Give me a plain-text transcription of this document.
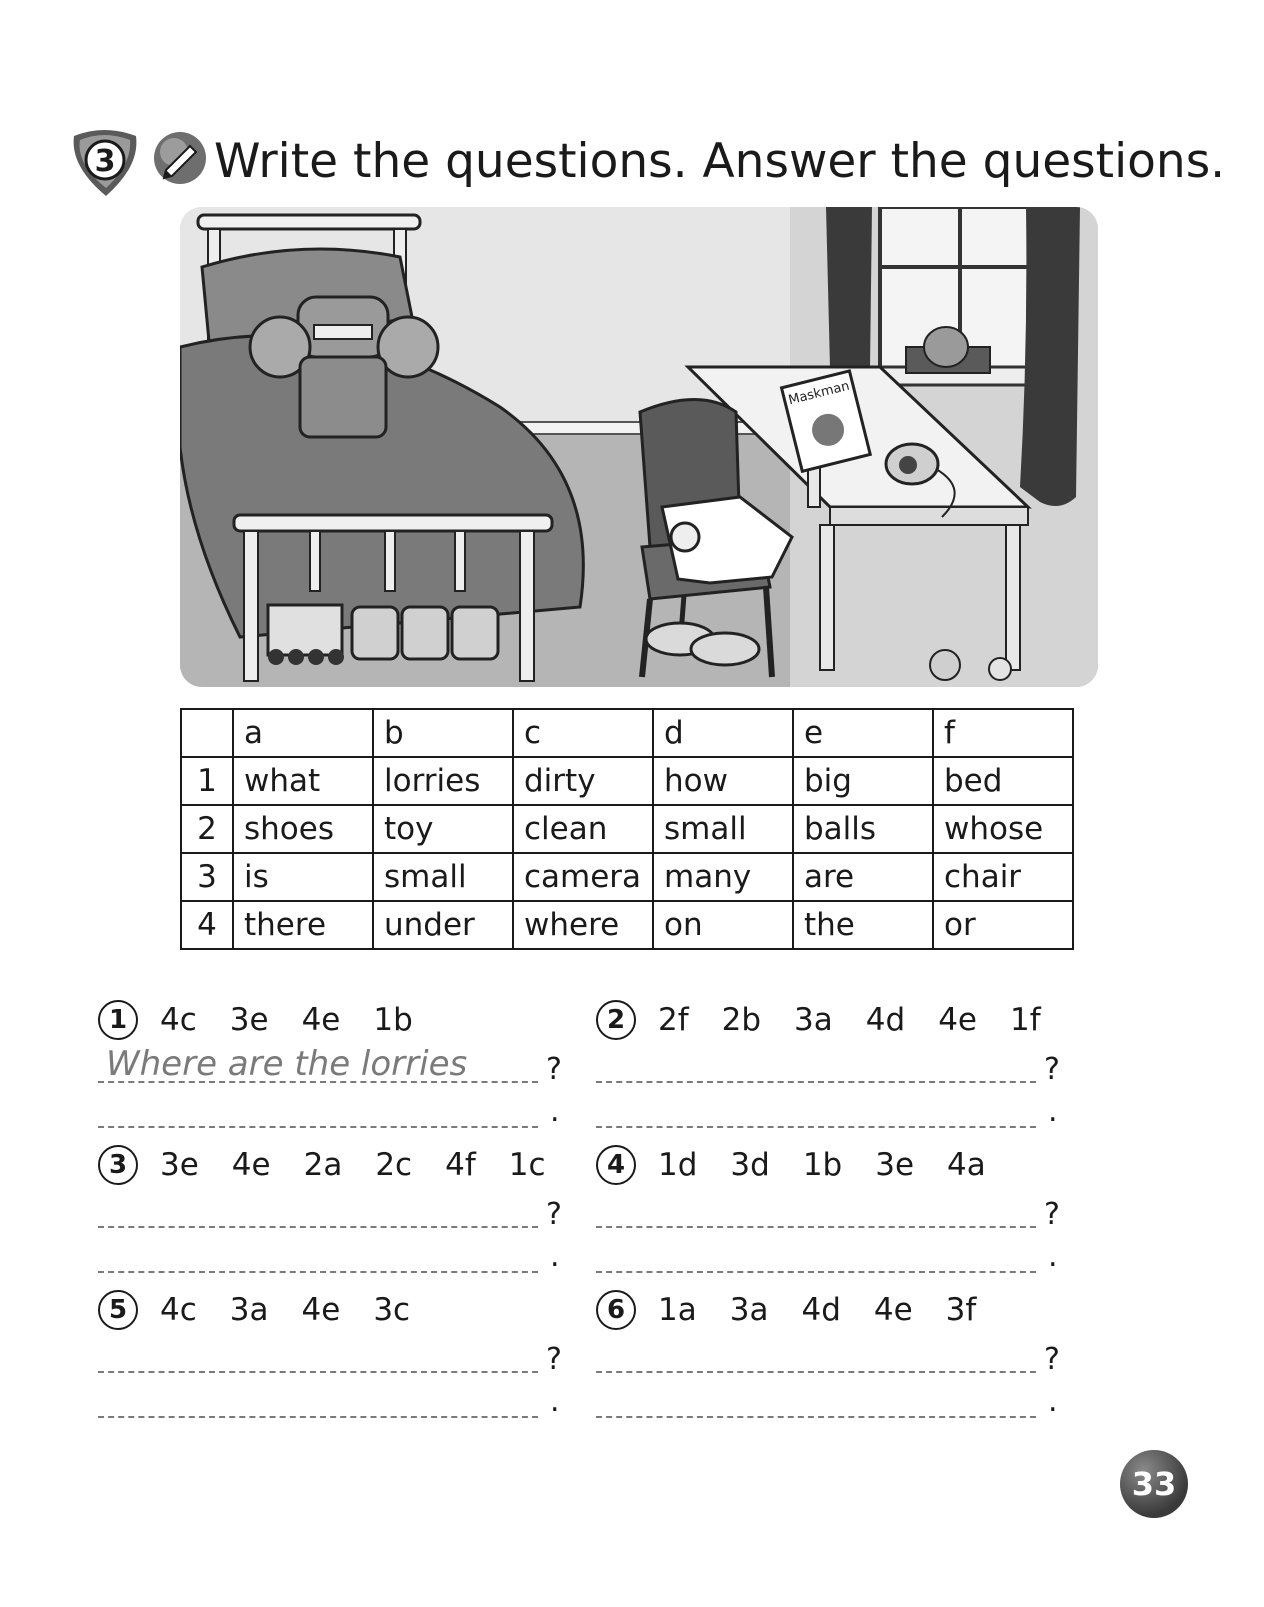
3 Write the questions. Answer the questions.
Maskman
	a	b	c	d	e	f
1	what	lorries	dirty	how	big	bed
2	shoes	toy	clean	small	balls	whose
3	is	small	camera	many	are	chair
4	there	under	where	on	the	or
1	4c 3e 4e 1b
Where are the lorries	?
.
2	2f 2b 3a 4d 4e 1f
?
.
3	3e 4e 2a 2c 4f 1c
?
.
4	1d 3d 1b 3e 4a
?
.
5	4c 3a 4e 3c
?
.
6	1a 3a 4d 4e 3f
?
.
33
